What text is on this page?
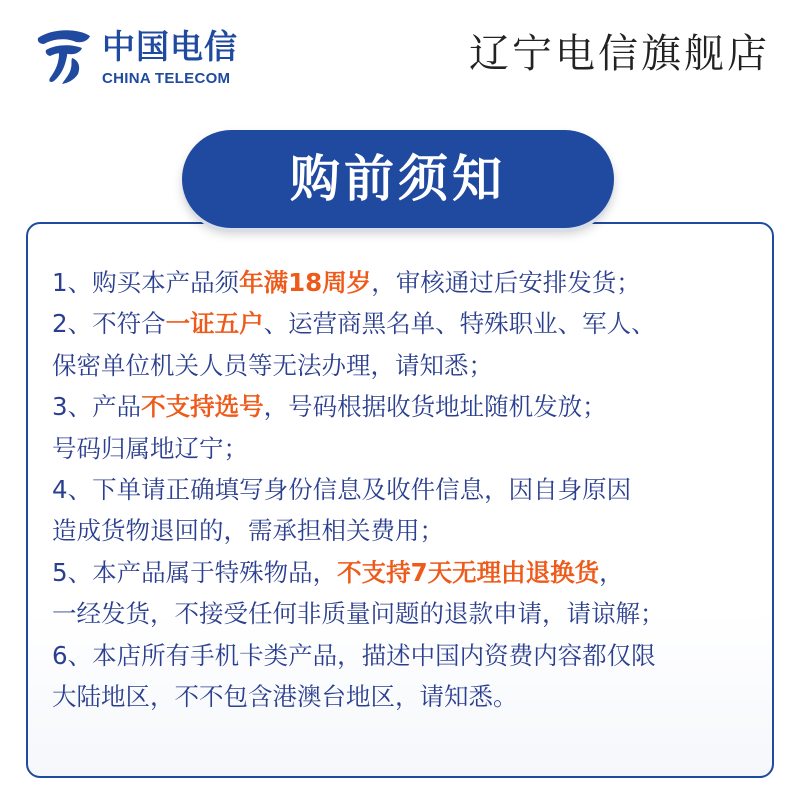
中国电信
CHINA TELECOM
辽宁电信旗舰店
购前须知
1、购买本产品须年满18周岁，审核通过后安排发货；
2、不符合一证五户、运营商黑名单、特殊职业、军人、
保密单位机关人员等无法办理，请知悉；
3、产品不支持选号，号码根据收货地址随机发放；
号码归属地辽宁；
4、下单请正确填写身份信息及收件信息，因自身原因
造成货物退回的，需承担相关费用；
5、本产品属于特殊物品，不支持7天无理由退换货，
一经发货，不接受任何非质量问题的退款申请，请谅解；
6、本店所有手机卡类产品，描述中国内资费内容都仅限
大陆地区，不不包含港澳台地区，请知悉。
